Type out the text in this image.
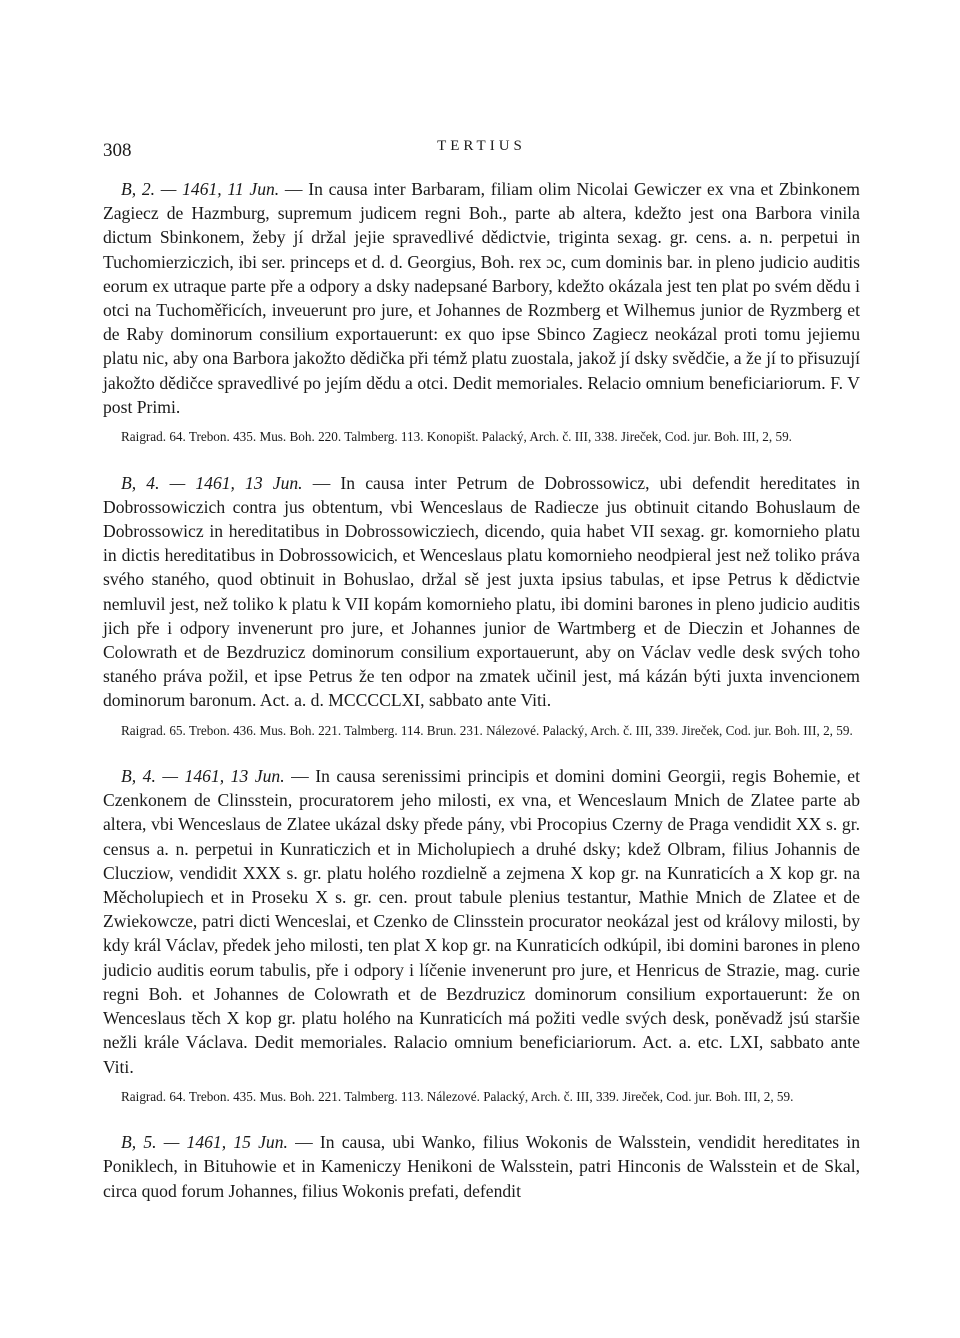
308	TERTIUS

B, 2. — 1461, 11 Jun. — In causa inter Barbaram, filiam olim Nicolai Gewiczer ex vna et Zbinkonem Zagiecz de Hazmburg, supremum judicem regni Boh., parte ab altera, kdežto jest ona Barbora vinila dictum Sbinkonem, žeby jí držal jejie spravedlivé dědictvie, triginta sexag. gr. cens. a. n. perpetui in Tuchomierziczich, ibi ser. princeps et d. d. Georgius, Boh. rex ɔc, cum dominis bar. in pleno judicio auditis eorum ex utraque parte pře a odpory a dsky nadepsané Barbory, kdežto okázala jest ten plat po svém dědu i otci na Tuchoměřicích, inveuerunt pro jure, et Johannes de Rozmberg et Wilhemus junior de Ryzmberg et de Raby dominorum consilium exportauerunt: ex quo ipse Sbinco Zagiecz neokázal proti tomu jejiemu platu nic, aby ona Barbora jakožto dědička při témž platu zuostala, jakož jí dsky svědčie, a že jí to přisuzují jakožto dědičce spravedlivé po jejím dědu a otci. Dedit memoriales. Relacio omnium beneficiariorum. F. V post Primi.

Raigrad. 64. Trebon. 435. Mus. Boh. 220. Talmberg. 113. Konopišt. Palacký, Arch. č. III, 338. Jireček, Cod. jur. Boh. III, 2, 59.

B, 4. — 1461, 13 Jun. — In causa inter Petrum de Dobrossowicz, ubi defendit hereditates in Dobrossowiczich contra jus obtentum, vbi Wenceslaus de Radiecze jus obtinuit citando Bohuslaum de Dobrossowicz in hereditatibus in Dobrossowicziech, dicendo, quia habet VII sexag. gr. komornieho platu in dictis hereditatibus in Dobrossowicich, et Wenceslaus platu komornieho neodpieral jest než toliko práva svého staného, quod obtinuit in Bohuslao, držal sě jest juxta ipsius tabulas, et ipse Petrus k dědictvie nemluvil jest, než toliko k platu k VII kopám komornieho platu, ibi domini barones in pleno judicio auditis jich pře i odpory invenerunt pro jure, et Johannes junior de Wartmberg et de Dieczin et Johannes de Colowrath et de Bezdruzicz dominorum consilium exportauerunt, aby on Václav vedle desk svých toho staného práva požil, et ipse Petrus že ten odpor na zmatek učinil jest, má kázán býti juxta invencionem dominorum baronum. Act. a. d. MCCCCLXI, sabbato ante Viti.

Raigrad. 65. Trebon. 436. Mus. Boh. 221. Talmberg. 114. Brun. 231. Nálezové. Palacký, Arch. č. III, 339. Jireček, Cod. jur. Boh. III, 2, 59.

B, 4. — 1461, 13 Jun. — In causa serenissimi principis et domini domini Georgii, regis Bohemie, et Czenkonem de Clinsstein, procuratorem jeho milosti, ex vna, et Wenceslaum Mnich de Zlatee parte ab altera, vbi Wenceslaus de Zlatee ukázal dsky přede pány, vbi Procopius Czerny de Praga vendidit XX s. gr. census a. n. perpetui in Kunraticzich et in Micholupiech a druhé dsky; kdež Olbram, filius Johannis de Clucziow, vendidit XXX s. gr. platu holého rozdielně a zejmena X kop gr. na Kunraticích a X kop gr. na Měcholupiech et in Proseku X s. gr. cen. prout tabule plenius testantur, Mathie Mnich de Zlatee et de Zwiekowcze, patri dicti Wenceslai, et Czenko de Clinsstein procurator neokázal jest od královy milosti, by kdy král Václav, předek jeho milosti, ten plat X kop gr. na Kunraticích odkúpil, ibi domini barones in pleno judicio auditis eorum tabulis, pře i odpory i líčenie invenerunt pro jure, et Henricus de Strazie, mag. curie regni Boh. et Johannes de Colowrath et de Bezdruzicz dominorum consilium exportauerunt: že on Wenceslaus těch X kop gr. platu holého na Kunraticích má požiti vedle svých desk, poněvadž jsú staršie nežli krále Václava. Dedit memoriales. Ralacio omnium beneficiariorum. Act. a. etc. LXI, sabbato ante Viti.

Raigrad. 64. Trebon. 435. Mus. Boh. 221. Talmberg. 113. Nálezové. Palacký, Arch. č. III, 339. Jireček, Cod. jur. Boh. III, 2, 59.

B, 5. — 1461, 15 Jun. — In causa, ubi Wanko, filius Wokonis de Walsstein, vendidit hereditates in Poniklech, in Bituhowie et in Kameniczy Henikoni de Walsstein, patri Hinconis de Walsstein et de Skal, circa quod forum Johannes, filius Wokonis prefati, defendit
